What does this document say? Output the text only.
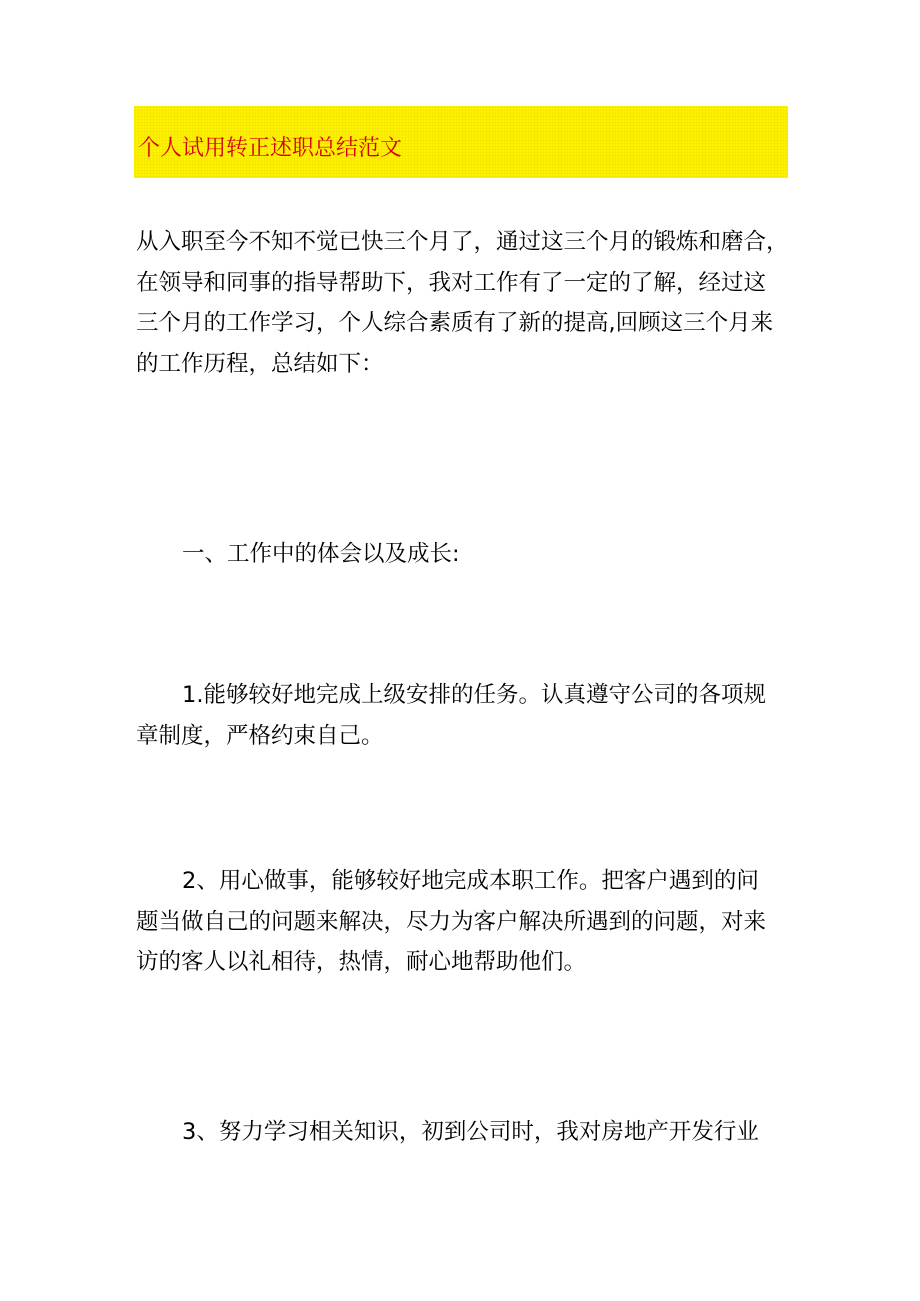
个人试用转正述职总结范文

从入职至今不知不觉已快三个月了，通过这三个月的锻炼和磨合，
在领导和同事的指导帮助下，我对工作有了一定的了解，经过这
三个月的工作学习，个人综合素质有了新的提高,回顾这三个月来
的工作历程，总结如下：

一、工作中的体会以及成长:

1.能够较好地完成上级安排的任务。认真遵守公司的各项规
章制度，严格约束自己。

2、用心做事，能够较好地完成本职工作。把客户遇到的问
题当做自己的问题来解决，尽力为客户解决所遇到的问题，对来
访的客人以礼相待，热情，耐心地帮助他们。

3、努力学习相关知识，初到公司时，我对房地产开发行业
